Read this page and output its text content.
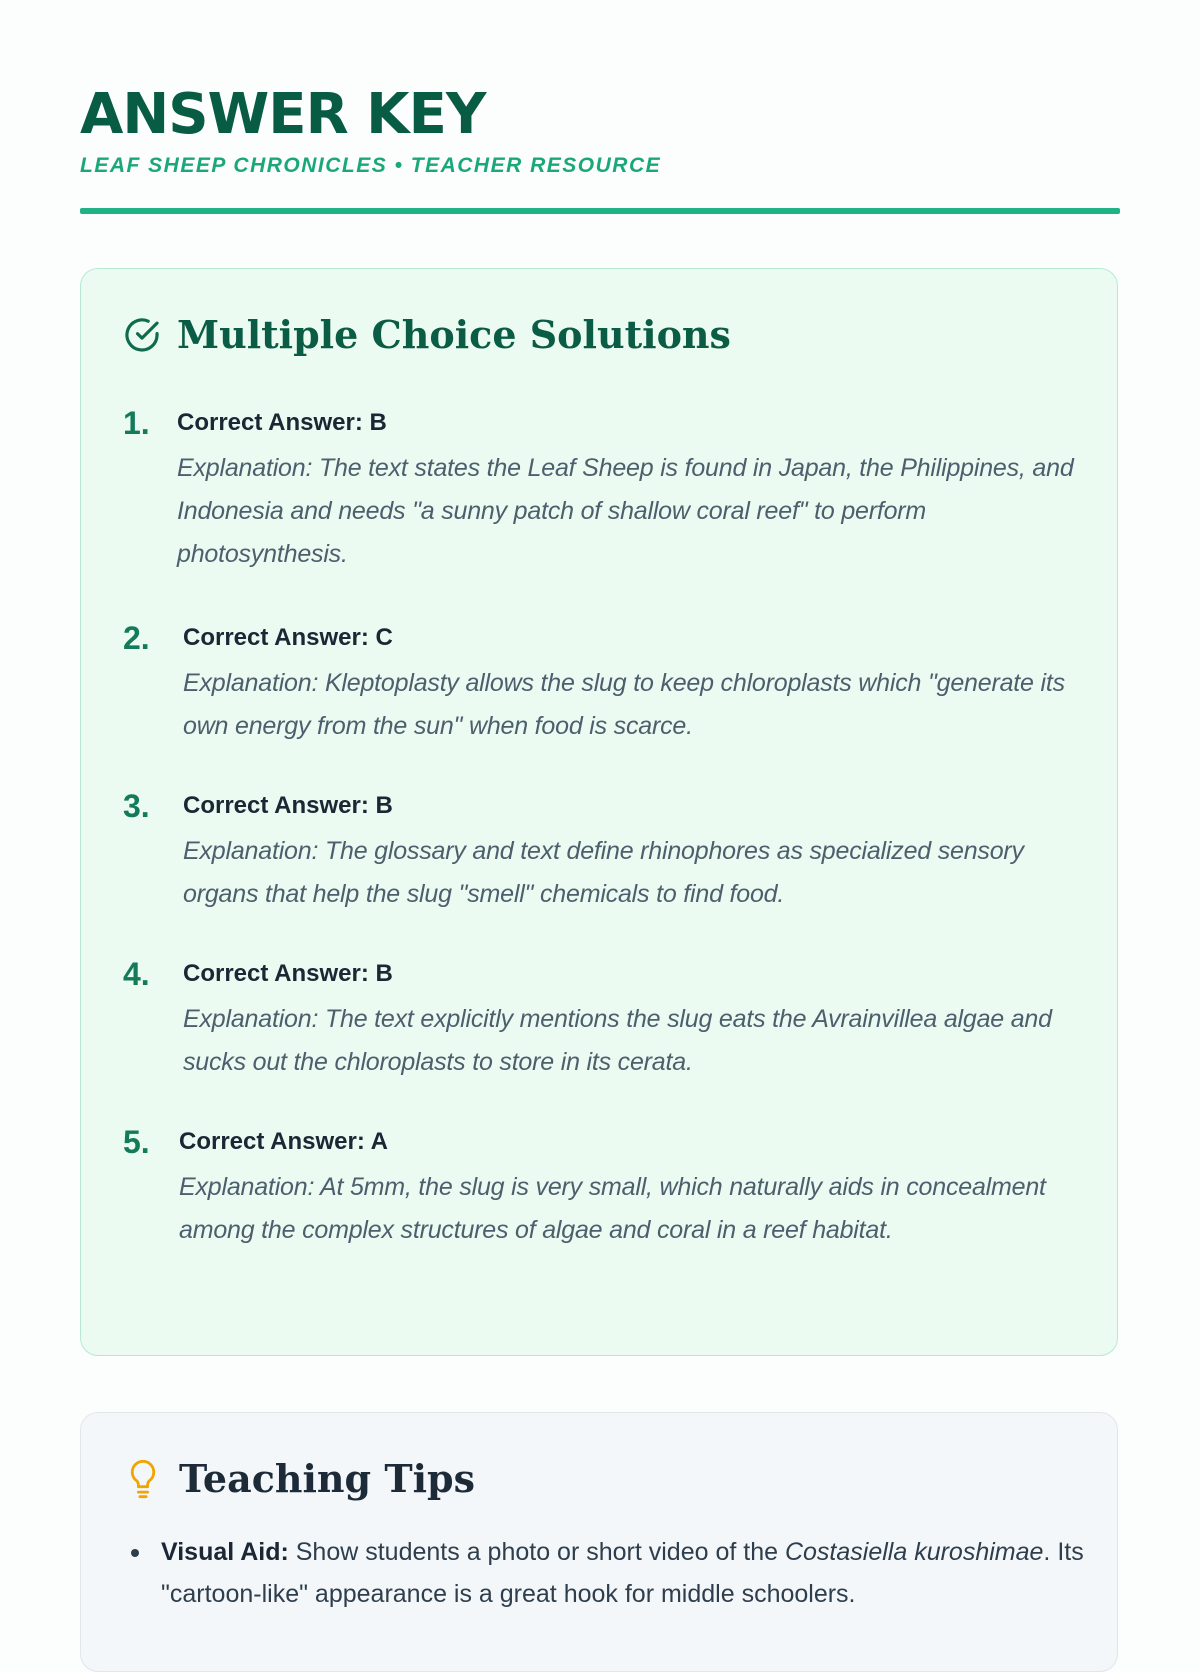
ANSWER KEY
LEAF SHEEP CHRONICLES • TEACHER RESOURCE
Multiple Choice Solutions
1.	Correct Answer: B
Explanation: The text states the Leaf Sheep is found in Japan, the Philippines, and Indonesia and needs "a sunny patch of shallow coral reef" to perform photosynthesis.
2.	Correct Answer: C
Explanation: Kleptoplasty allows the slug to keep chloroplasts which "generate its own energy from the sun" when food is scarce.
3.	Correct Answer: B
Explanation: The glossary and text define rhinophores as specialized sensory organs that help the slug "smell" chemicals to find food.
4.	Correct Answer: B
Explanation: The text explicitly mentions the slug eats the Avrainvillea algae and sucks out the chloroplasts to store in its cerata.
5.	Correct Answer: A
Explanation: At 5mm, the slug is very small, which naturally aids in concealment among the complex structures of algae and coral in a reef habitat.
Teaching Tips
Visual Aid: Show students a photo or short video of the Costasiella kuroshimae. Its "cartoon-like" appearance is a great hook for middle schoolers.
